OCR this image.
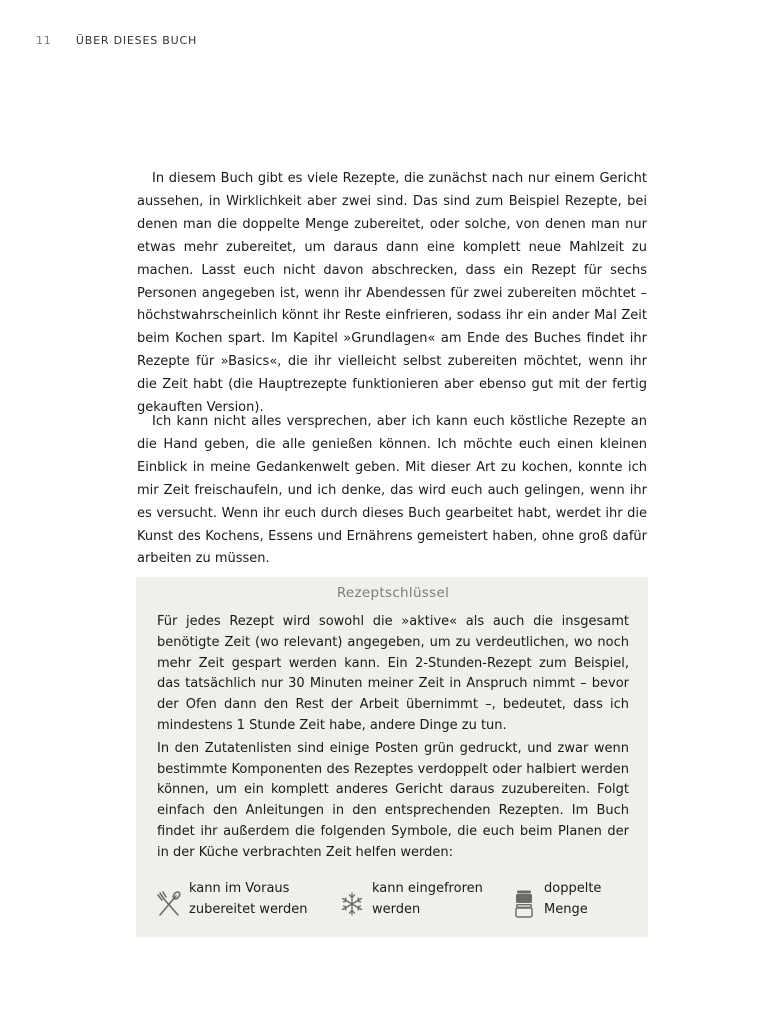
11 ÜBER DIESES BUCH

In diesem Buch gibt es viele Rezepte, die zunächst nach nur einem Gericht aussehen, in Wirklichkeit aber zwei sind. Das sind zum Beispiel Rezepte, bei denen man die doppelte Menge zubereitet, oder solche, von denen man nur etwas mehr zubereitet, um daraus dann eine komplett neue Mahlzeit zu machen. Lasst euch nicht davon abschrecken, dass ein Rezept für sechs Personen angegeben ist, wenn ihr Abendessen für zwei zubereiten möchtet – höchstwahrscheinlich könnt ihr Reste einfrieren, sodass ihr ein ander Mal Zeit beim Kochen spart. Im Kapitel »Grundlagen« am Ende des Buches findet ihr Rezepte für »Basics«, die ihr vielleicht selbst zubereiten möchtet, wenn ihr die Zeit habt (die Hauptrezepte funktionieren aber ebenso gut mit der fertig gekauften Version).

Ich kann nicht alles versprechen, aber ich kann euch köstliche Rezepte an die Hand geben, die alle genießen können. Ich möchte euch einen kleinen Einblick in meine Gedankenwelt geben. Mit dieser Art zu kochen, konnte ich mir Zeit freischaufeln, und ich denke, das wird euch auch gelingen, wenn ihr es versucht. Wenn ihr euch durch dieses Buch gearbeitet habt, werdet ihr die Kunst des Kochens, Essens und Ernährens gemeistert haben, ohne groß dafür arbeiten zu müssen.

Rezeptschlüssel

Für jedes Rezept wird sowohl die »aktive« als auch die insgesamt benötigte Zeit (wo relevant) angegeben, um zu verdeutlichen, wo noch mehr Zeit gespart werden kann. Ein 2-Stunden-Rezept zum Beispiel, das tatsächlich nur 30 Minuten meiner Zeit in Anspruch nimmt – bevor der Ofen dann den Rest der Arbeit übernimmt –, bedeutet, dass ich mindestens 1 Stunde Zeit habe, andere Dinge zu tun.

In den Zutatenlisten sind einige Posten grün gedruckt, und zwar wenn bestimmte Komponenten des Rezeptes verdoppelt oder halbiert werden können, um ein komplett anderes Gericht daraus zuzubereiten. Folgt einfach den Anleitungen in den entsprechenden Rezepten. Im Buch findet ihr außerdem die folgenden Symbole, die euch beim Planen der in der Küche verbrachten Zeit helfen werden:

kann im Voraus
zubereitet werden
kann eingefroren
werden
doppelte
Menge
